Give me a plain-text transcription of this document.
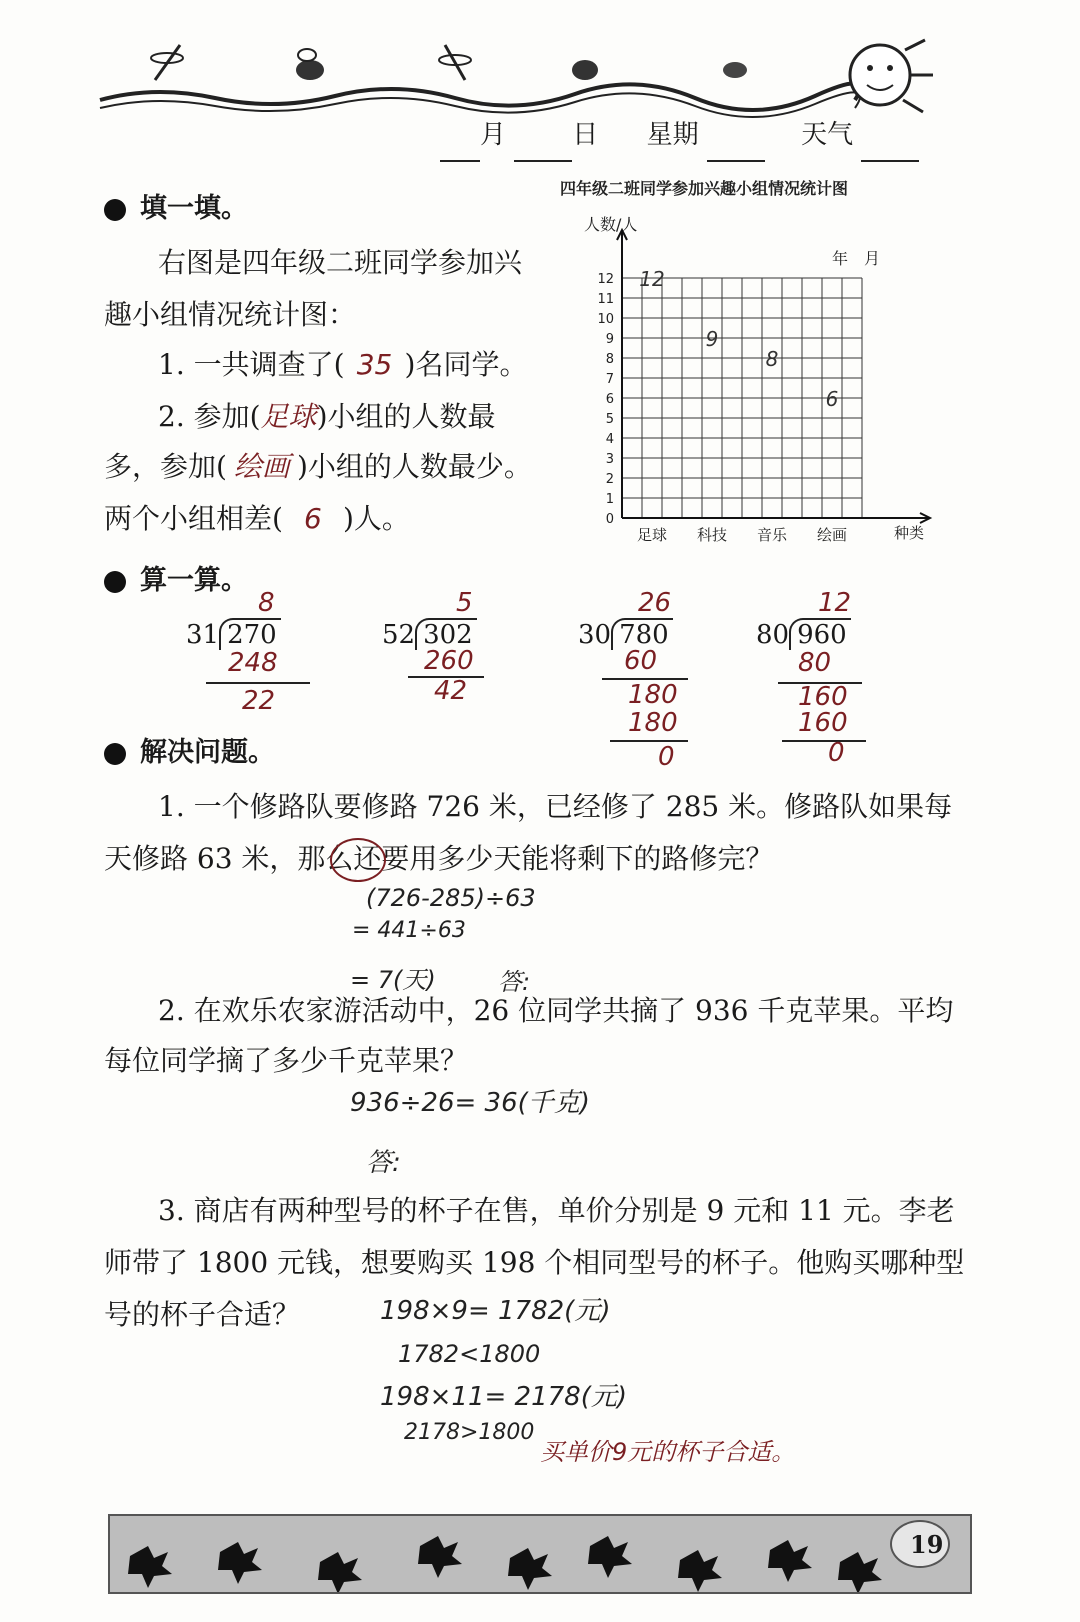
月	日 星期	天气
填一填。
右图是四年级二班同学参加兴
趣小组情况统计图：
1. 一共调查了( 35 )名同学。
2. 参加(足球)小组的人数最
多，参加( 绘画 )小组的人数最少。
两个小组相差( 6 )人。
四年级二班同学参加兴趣小组情况统计图
人数/人
年　月
种类
0
1
2
3
4
5
6
7
8
9
10
11
12
足球 科技 音乐 绘画
12
9
8
6
算一算。
8
31 270
248
22
5
52 302
260
42
26
30 780
60
180
180
0
12
80 960
80
160
160
0
解决问题。
1. 一个修路队要修路 726 米，已经修了 285 米。修路队如果每
天修路 63 米，那么还要用多少天能将剩下的路修完？
(726-285)÷63
= 441÷63
= 7(天)	答:
2. 在欢乐农家游活动中，26 位同学共摘了 936 千克苹果。平均
每位同学摘了多少千克苹果？
936÷26= 36(千克)
答:
3. 商店有两种型号的杯子在售，单价分别是 9 元和 11 元。李老
师带了 1800 元钱，想要购买 198 个相同型号的杯子。他购买哪种型
号的杯子合适？	198×9= 1782(元)
1782<1800
198×11= 2178(元)
2178>1800
买单价9元的杯子合适。
19
